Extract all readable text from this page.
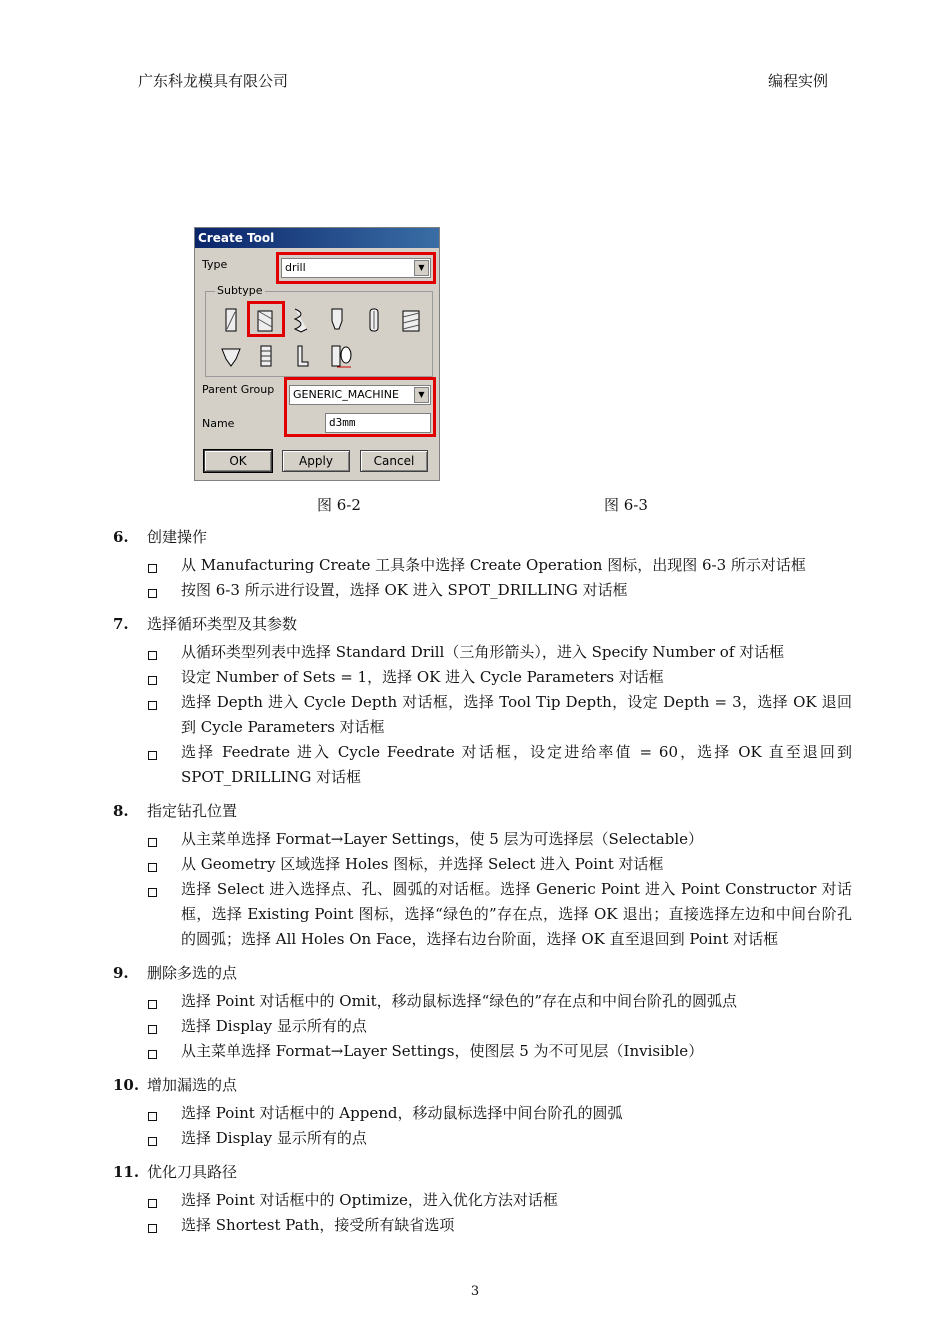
广东科龙模具有限公司	编程实例
Create Tool
Type	drill	▼
Subtype
Parent Group	GENERIC_MACHINE	▼
Name	d3mm
OK	Apply	Cancel
图 6-2	图 6-3
6. 创建操作
从 Manufacturing Create 工具条中选择 Create Operation 图标，出现图 6-3 所示对话框
按图 6-3 所示进行设置，选择 OK 进入 SPOT_DRILLING 对话框
7. 选择循环类型及其参数
从循环类型列表中选择 Standard Drill（三角形箭头），进入 Specify Number of 对话框
设定 Number of Sets = 1，选择 OK 进入 Cycle Parameters 对话框
选择 Depth 进入 Cycle Depth 对话框，选择 Tool Tip Depth，设定 Depth = 3，选择 OK 退回到 Cycle Parameters 对话框
选择 Feedrate 进入 Cycle Feedrate 对话框，设定进给率值 = 60，选择 OK 直至退回到 SPOT_DRILLING 对话框
8. 指定钻孔位置
从主菜单选择 Format→Layer Settings，使 5 层为可选择层（Selectable）
从 Geometry 区域选择 Holes 图标，并选择 Select 进入 Point 对话框
选择 Select 进入选择点、孔、圆弧的对话框。选择 Generic Point 进入 Point Constructor 对话框，选择 Existing Point 图标，选择“绿色的”存在点，选择 OK 退出；直接选择左边和中间台阶孔的圆弧；选择 All Holes On Face，选择右边台阶面，选择 OK 直至退回到 Point 对话框
9. 删除多选的点
选择 Point 对话框中的 Omit，移动鼠标选择“绿色的”存在点和中间台阶孔的圆弧点
选择 Display 显示所有的点
从主菜单选择 Format→Layer Settings，使图层 5 为不可见层（Invisible）
10. 增加漏选的点
选择 Point 对话框中的 Append，移动鼠标选择中间台阶孔的圆弧
选择 Display 显示所有的点
11. 优化刀具路径
选择 Point 对话框中的 Optimize，进入优化方法对话框
选择 Shortest Path，接受所有缺省选项
3
